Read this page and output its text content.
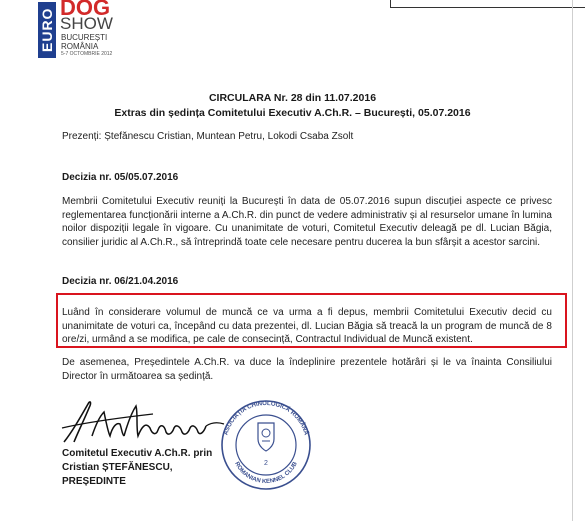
EURO
DOG
SHOW
BUCUREȘTI
ROMÂNIA
5-7 OCTOMBRIE 2012
CIRCULARA Nr. 28 din 11.07.2016
Extras din ședința Comitetului Executiv A.Ch.R. – București, 05.07.2016
Prezenți: Ștefănescu Cristian, Muntean Petru, Lokodi Csaba Zsolt
Decizia nr. 05/05.07.2016
Membrii Comitetului Executiv reuniți la București în data de 05.07.2016 supun discuției aspecte ce privesc reglementarea funcționării interne a A.Ch.R. din punct de vedere administrativ și al resurselor umane în lumina noilor dispoziții legale în vigoare. Cu unanimitate de voturi, Comitetul Executiv deleagă pe dl. Lucian Băgia, consilier juridic al A.Ch.R., să întreprindă toate cele necesare pentru ducerea la bun sfârșit a acestor sarcini.
Decizia nr. 06/21.04.2016
Luând în considerare volumul de muncă ce va urma a fi depus, membrii Comitetului Executiv decid cu unanimitate de voturi ca, începând cu data prezentei, dl. Lucian Băgia să treacă la un program de muncă de 8 ore/zi, urmând a se modifica, pe cale de consecință, Contractul Individual de Muncă existent.
De asemenea, Președintele A.Ch.R. va duce la îndeplinire prezentele hotărâri și le va înainta Consiliului Director în următoarea sa ședință.
Comitetul Executiv A.Ch.R. prin
Cristian ȘTEFĂNESCU,
PREȘEDINTE
ASOCIAȚIA CHINOLOGICĂ ROMÂNĂ
ROMANIAN KENNEL CLUB
2
